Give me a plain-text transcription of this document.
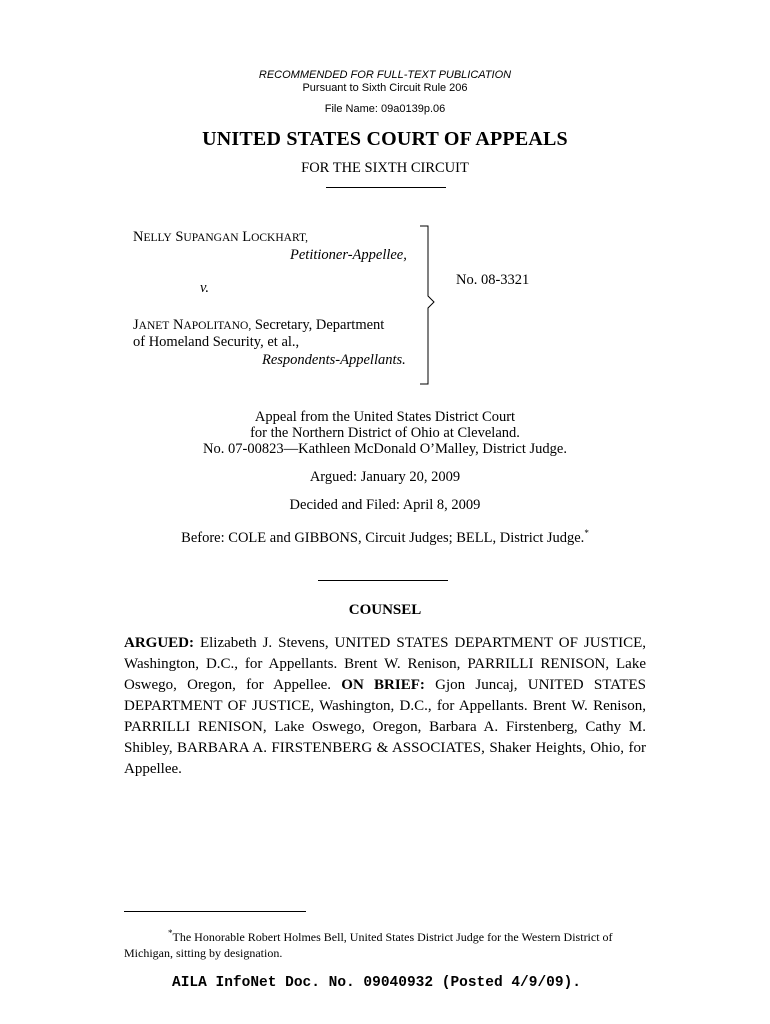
RECOMMENDED FOR FULL-TEXT PUBLICATION
Pursuant to Sixth Circuit Rule 206
File Name: 09a0139p.06
UNITED STATES COURT OF APPEALS
FOR THE SIXTH CIRCUIT
NELLY SUPANGAN LOCKHART,
Petitioner-Appellee,
v.
JANET NAPOLITANO, Secretary, Department
of Homeland Security, et al.,
Respondents-Appellants.
No. 08-3321
Appeal from the United States District Court
for the Northern District of Ohio at Cleveland.
No. 07-00823—Kathleen McDonald O’Malley, District Judge.
Argued: January 20, 2009
Decided and Filed: April 8, 2009
Before: COLE and GIBBONS, Circuit Judges; BELL, District Judge.*
COUNSEL
ARGUED: Elizabeth J. Stevens, UNITED STATES DEPARTMENT OF JUSTICE, Washington, D.C., for Appellants. Brent W. Renison, PARRILLI RENISON, Lake Oswego, Oregon, for Appellee. ON BRIEF: Gjon Juncaj, UNITED STATES DEPARTMENT OF JUSTICE, Washington, D.C., for Appellants. Brent W. Renison, PARRILLI RENISON, Lake Oswego, Oregon, Barbara A. Firstenberg, Cathy M. Shibley, BARBARA A. FIRSTENBERG & ASSOCIATES, Shaker Heights, Ohio, for Appellee.
*The Honorable Robert Holmes Bell, United States District Judge for the Western District of Michigan, sitting by designation.
AILA InfoNet Doc. No. 09040932 (Posted 4/9/09).
